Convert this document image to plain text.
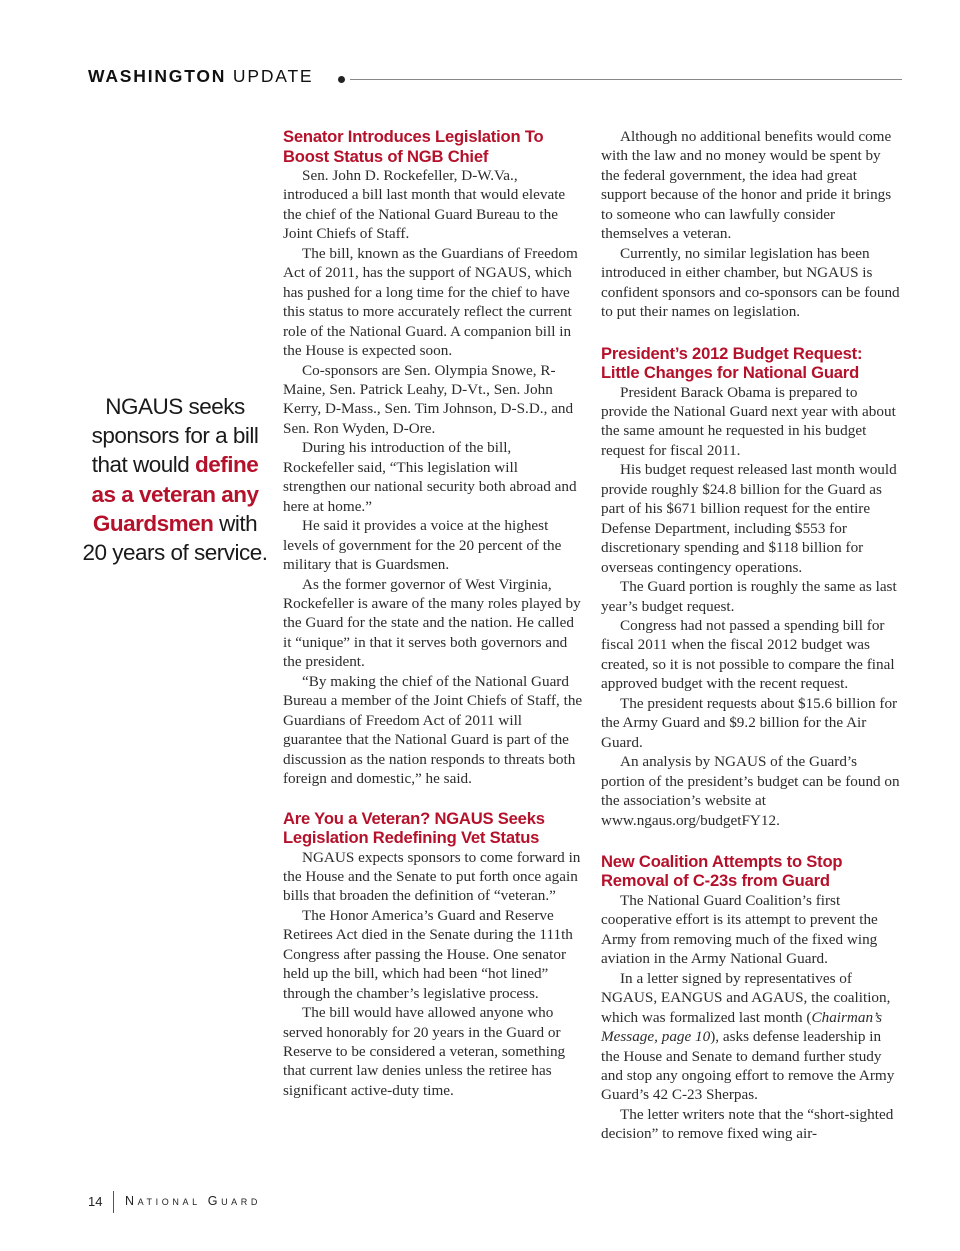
WASHINGTON UPDATE
NGAUS seeks sponsors for a bill that would define as a veteran any Guardsmen with 20 years of service.
Senator Introduces Legislation To Boost Status of NGB Chief

Sen. John D. Rockefeller, D-W.Va., introduced a bill last month that would elevate the chief of the National Guard Bureau to the Joint Chiefs of Staff.

The bill, known as the Guardians of Freedom Act of 2011, has the support of NGAUS, which has pushed for a long time for the chief to have this status to more accurately reflect the current role of the National Guard. A companion bill in the House is expected soon.

Co-sponsors are Sen. Olympia Snowe, R-Maine, Sen. Patrick Leahy, D-Vt., Sen. John Kerry, D-Mass., Sen. Tim Johnson, D-S.D., and Sen. Ron Wyden, D-Ore.

During his introduction of the bill, Rockefeller said, “This legislation will strengthen our national security both abroad and here at home.”

He said it provides a voice at the highest levels of government for the 20 percent of the military that is Guardsmen.

As the former governor of West Virginia, Rockefeller is aware of the many roles played by the Guard for the state and the nation. He called it “unique” in that it serves both governors and the president.

“By making the chief of the National Guard Bureau a member of the Joint Chiefs of Staff, the Guardians of Freedom Act of 2011 will guarantee that the National Guard is part of the discussion as the nation responds to threats both foreign and domestic,” he said.

Are You a Veteran? NGAUS Seeks Legislation Redefining Vet Status

NGAUS expects sponsors to come forward in the House and the Senate to put forth once again bills that broaden the definition of “veteran.”

The Honor America’s Guard and Reserve Retirees Act died in the Senate during the 111th Congress after passing the House. One senator held up the bill, which had been “hot lined” through the chamber’s legislative process.

The bill would have allowed anyone who served honorably for 20 years in the Guard or Reserve to be considered a veteran, something that current law denies unless the retiree has significant active-duty time.

Although no additional benefits would come with the law and no money would be spent by the federal government, the idea had great support because of the honor and pride it brings to someone who can lawfully consider themselves a veteran.

Currently, no similar legislation has been introduced in either chamber, but NGAUS is confident sponsors and co-sponsors can be found to put their names on legislation.

President’s 2012 Budget Request: Little Changes for National Guard

President Barack Obama is prepared to provide the National Guard next year with about the same amount he requested in his budget request for fiscal 2011.

His budget request released last month would provide roughly $24.8 billion for the Guard as part of his $671 billion request for the entire Defense Department, including $553 for discretionary spending and $118 billion for overseas contingency operations.

The Guard portion is roughly the same as last year’s budget request.

Congress had not passed a spending bill for fiscal 2011 when the fiscal 2012 budget was created, so it is not possible to compare the final approved budget with the recent request.

The president requests about $15.6 billion for the Army Guard and $9.2 billion for the Air Guard.

An analysis by NGAUS of the Guard’s portion of the president’s budget can be found on the association’s website at www.ngaus.org/budgetFY12.

New Coalition Attempts to Stop Removal of C-23s from Guard

The National Guard Coalition’s first cooperative effort is its attempt to prevent the Army from removing much of the fixed wing aviation in the Army National Guard.

In a letter signed by representatives of NGAUS, EANGUS and AGAUS, the coalition, which was formalized last month (Chairman’s Message, page 10), asks defense leadership in the House and Senate to demand further study and stop any ongoing effort to remove the Army Guard’s 42 C-23 Sherpas.

The letter writers note that the “short-sighted decision” to remove fixed wing air-

14 National Guard
